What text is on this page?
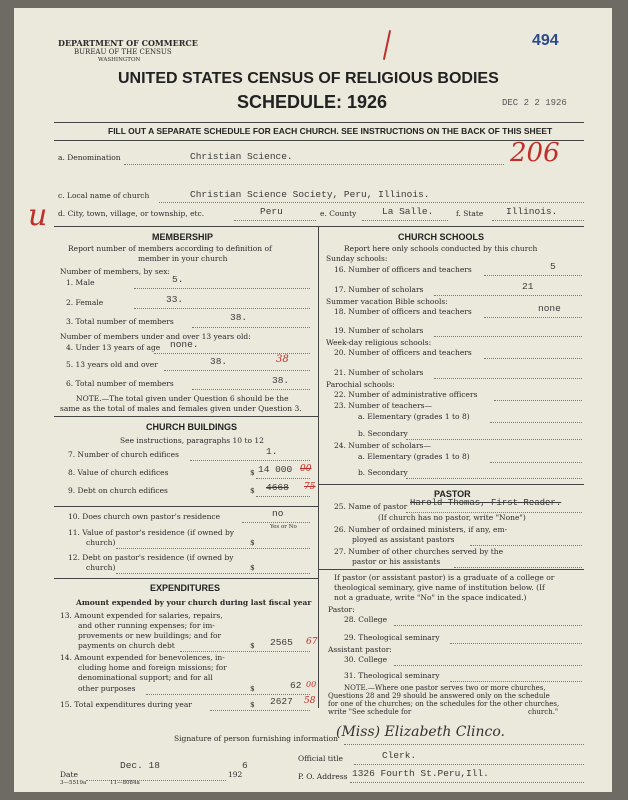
DEPARTMENT OF COMMERCE
BUREAU OF THE CENSUS
WASHINGTON
UNITED STATES CENSUS OF RELIGIOUS BODIES
SCHEDULE: 1926
494
DEC 2 2 1926
206
u
FILL OUT A SEPARATE SCHEDULE FOR EACH CHURCH. SEE INSTRUCTIONS ON THE BACK OF THIS SHEET
a. Denomination	Christian Science.
c. Local name of church	Christian Science Society, Peru, Illinois.
d. City, town, village, or township, etc.	Peru	e. County	La Salle.	f. State Illinois.
MEMBERSHIP
Report number of members according to definition of
member in your church
Number of members, by sex:
1. Male	5.
2. Female	33.
3. Total number of members	38.
Number of members under and over 13 years old:
4. Under 13 years of age none.
5. 13 years old and over	38.	38
6. Total number of members	38.
NOTE.—The total given under Question 6 should be the
same as the total of males and females given under Question 3.
CHURCH BUILDINGS
See instructions, paragraphs 10 to 12
7. Number of church edifices	1.
8. Value of church edifices	$ 14 000 00
9. Debt on church edifices	$ 4668 75
10. Does church own pastor's residence	no
Yes or No
11. Value of pastor's residence (if owned by
church)	$
12. Debt on pastor's residence (if owned by
church)	$
EXPENDITURES
Amount expended by your church during last fiscal year
13. Amount expended for salaries, repairs,
and other running expenses; for im-
provements or new buildings; and for
payments on church debt	$ 2565 67
14. Amount expended for benevolences, in-
cluding home and foreign missions; for
denominational support; and for all
other purposes	$	62 00
15. Total expenditures during year	$ 2627 58
CHURCH SCHOOLS
Report here only schools conducted by this church
Sunday schools:
16. Number of officers and teachers	5
17. Number of scholars	21
Summer vacation Bible schools:
18. Number of officers and teachers	none
19. Number of scholars
Week-day religious schools:
20. Number of officers and teachers
21. Number of scholars
Parochial schools:
22. Number of administrative officers
23. Number of teachers—
a. Elementary (grades 1 to 8)
b. Secondary
24. Number of scholars—
a. Elementary (grades 1 to 8)
b. Secondary
PASTOR
25. Name of pastor Harold Thomas, First Reader.
(If church has no pastor, write "None")
26. Number of ordained ministers, if any, em-
ployed as assistant pastors
27. Number of other churches served by the
pastor or his assistants
If pastor (or assistant pastor) is a graduate of a college or
theological seminary, give name of institution below. (If
not a graduate, write "No" in the space indicated.)
Pastor:
28. College
29. Theological seminary
Assistant pastor:
30. College
31. Theological seminary
NOTE.—Where one pastor serves two or more churches,
Questions 28 and 29 should be answered only on the schedule
for one of the churches; on the schedules for the other churches,
write "See schedule for	church."
Signature of person furnishing information
(Miss) Elizabeth Clinco.
Official title	Clerk.
Date
Dec. 18
192
6
P. O. Address 1326 Fourth St.Peru,Ill.
3—5519a	11—8084a
